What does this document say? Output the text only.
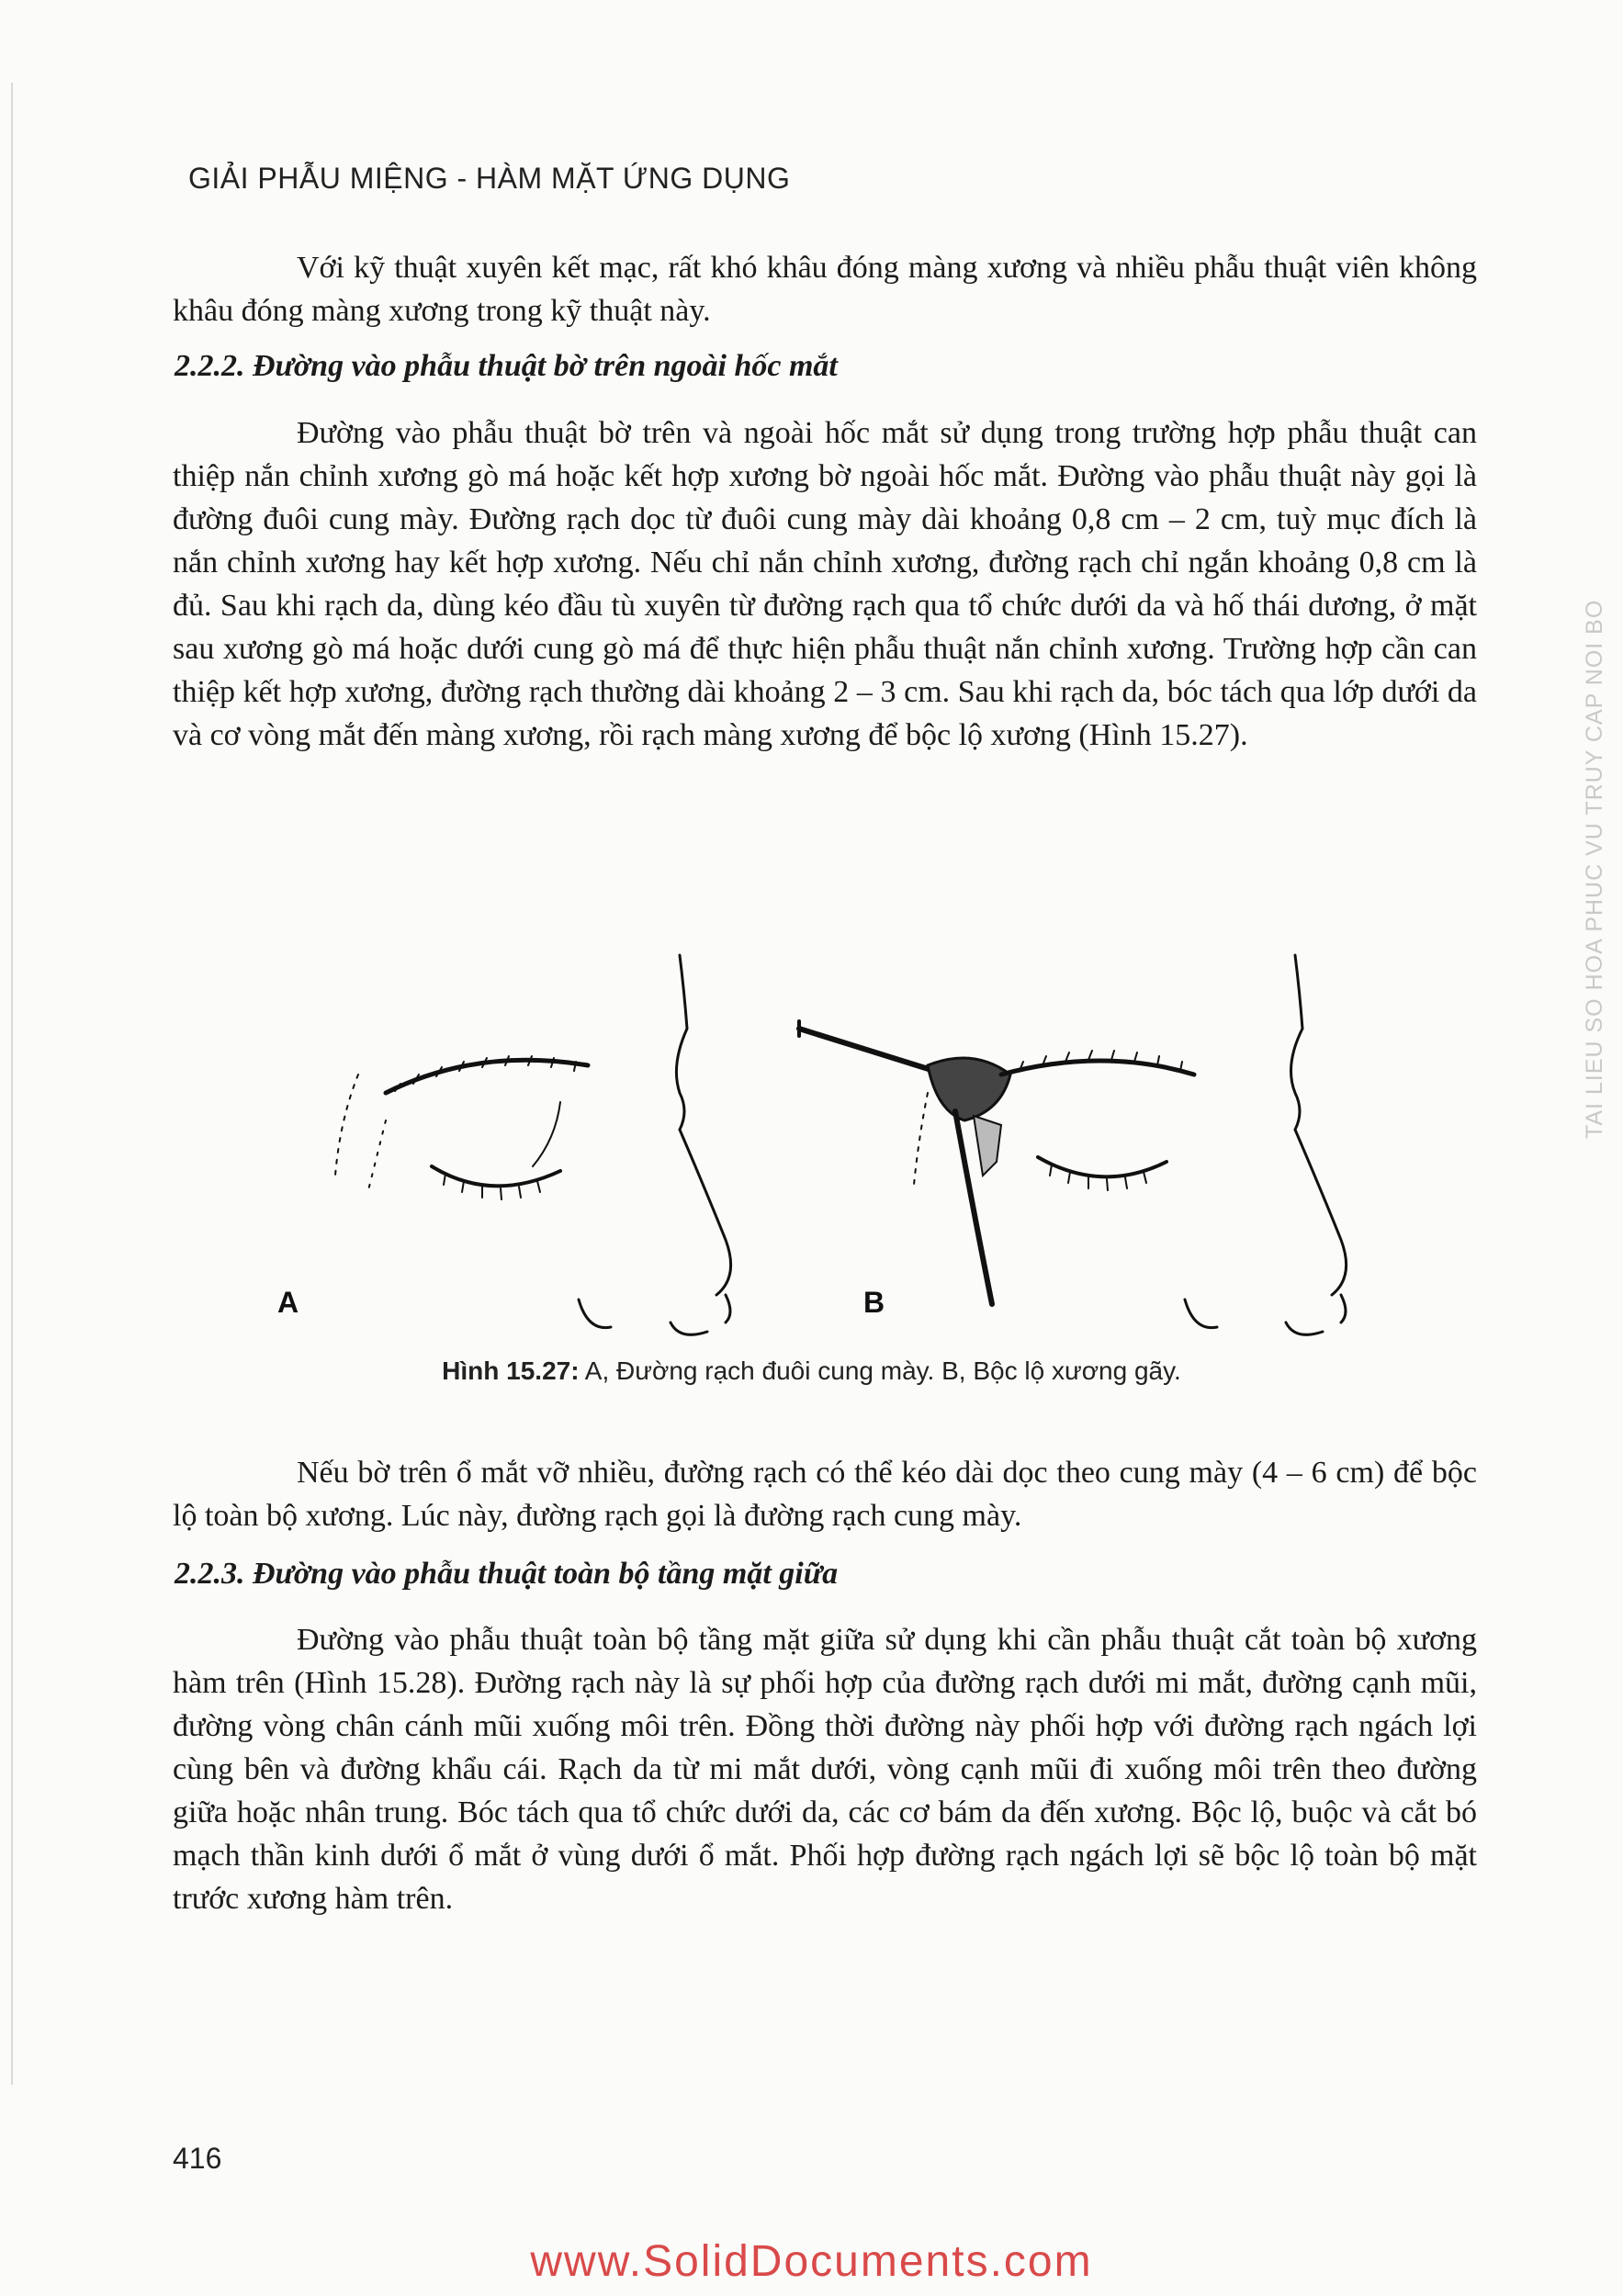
GIẢI PHẪU MIỆNG - HÀM MẶT ỨNG DỤNG

Với kỹ thuật xuyên kết mạc, rất khó khâu đóng màng xương và nhiều phẫu thuật viên không khâu đóng màng xương trong kỹ thuật này.

2.2.2. Đường vào phẫu thuật bờ trên ngoài hốc mắt

Đường vào phẫu thuật bờ trên và ngoài hốc mắt sử dụng trong trường hợp phẫu thuật can thiệp nắn chỉnh xương gò má hoặc kết hợp xương bờ ngoài hốc mắt. Đường vào phẫu thuật này gọi là đường đuôi cung mày. Đường rạch dọc từ đuôi cung mày dài khoảng 0,8 cm – 2 cm, tuỳ mục đích là nắn chỉnh xương hay kết hợp xương. Nếu chỉ nắn chỉnh xương, đường rạch chỉ ngắn khoảng 0,8 cm là đủ. Sau khi rạch da, dùng kéo đầu tù xuyên từ đường rạch qua tổ chức dưới da và hố thái dương, ở mặt sau xương gò má hoặc dưới cung gò má để thực hiện phẫu thuật nắn chỉnh xương. Trường hợp cần can thiệp kết hợp xương, đường rạch thường dài khoảng 2 – 3 cm. Sau khi rạch da, bóc tách qua lớp dưới da và cơ vòng mắt đến màng xương, rồi rạch màng xương để bộc lộ xương (Hình 15.27).

A	B
Hình 15.27: A, Đường rạch đuôi cung mày. B, Bộc lộ xương gãy.

Nếu bờ trên ổ mắt vỡ nhiều, đường rạch có thể kéo dài dọc theo cung mày (4 – 6 cm) để bộc lộ toàn bộ xương. Lúc này, đường rạch gọi là đường rạch cung mày.

2.2.3. Đường vào phẫu thuật toàn bộ tầng mặt giữa

Đường vào phẫu thuật toàn bộ tầng mặt giữa sử dụng khi cần phẫu thuật cắt toàn bộ xương hàm trên (Hình 15.28). Đường rạch này là sự phối hợp của đường rạch dưới mi mắt, đường cạnh mũi, đường vòng chân cánh mũi xuống môi trên. Đồng thời đường này phối hợp với đường rạch ngách lợi cùng bên và đường khẩu cái. Rạch da từ mi mắt dưới, vòng cạnh mũi đi xuống môi trên theo đường giữa hoặc nhân trung. Bóc tách qua tổ chức dưới da, các cơ bám da đến xương. Bộc lộ, buộc và cắt bó mạch thần kinh dưới ổ mắt ở vùng dưới ổ mắt. Phối hợp đường rạch ngách lợi sẽ bộc lộ toàn bộ mặt trước xương hàm trên.

TAI LIEU SO HOA PHUC VU TRUY CAP NOI BO
416
www.SolidDocuments.com
